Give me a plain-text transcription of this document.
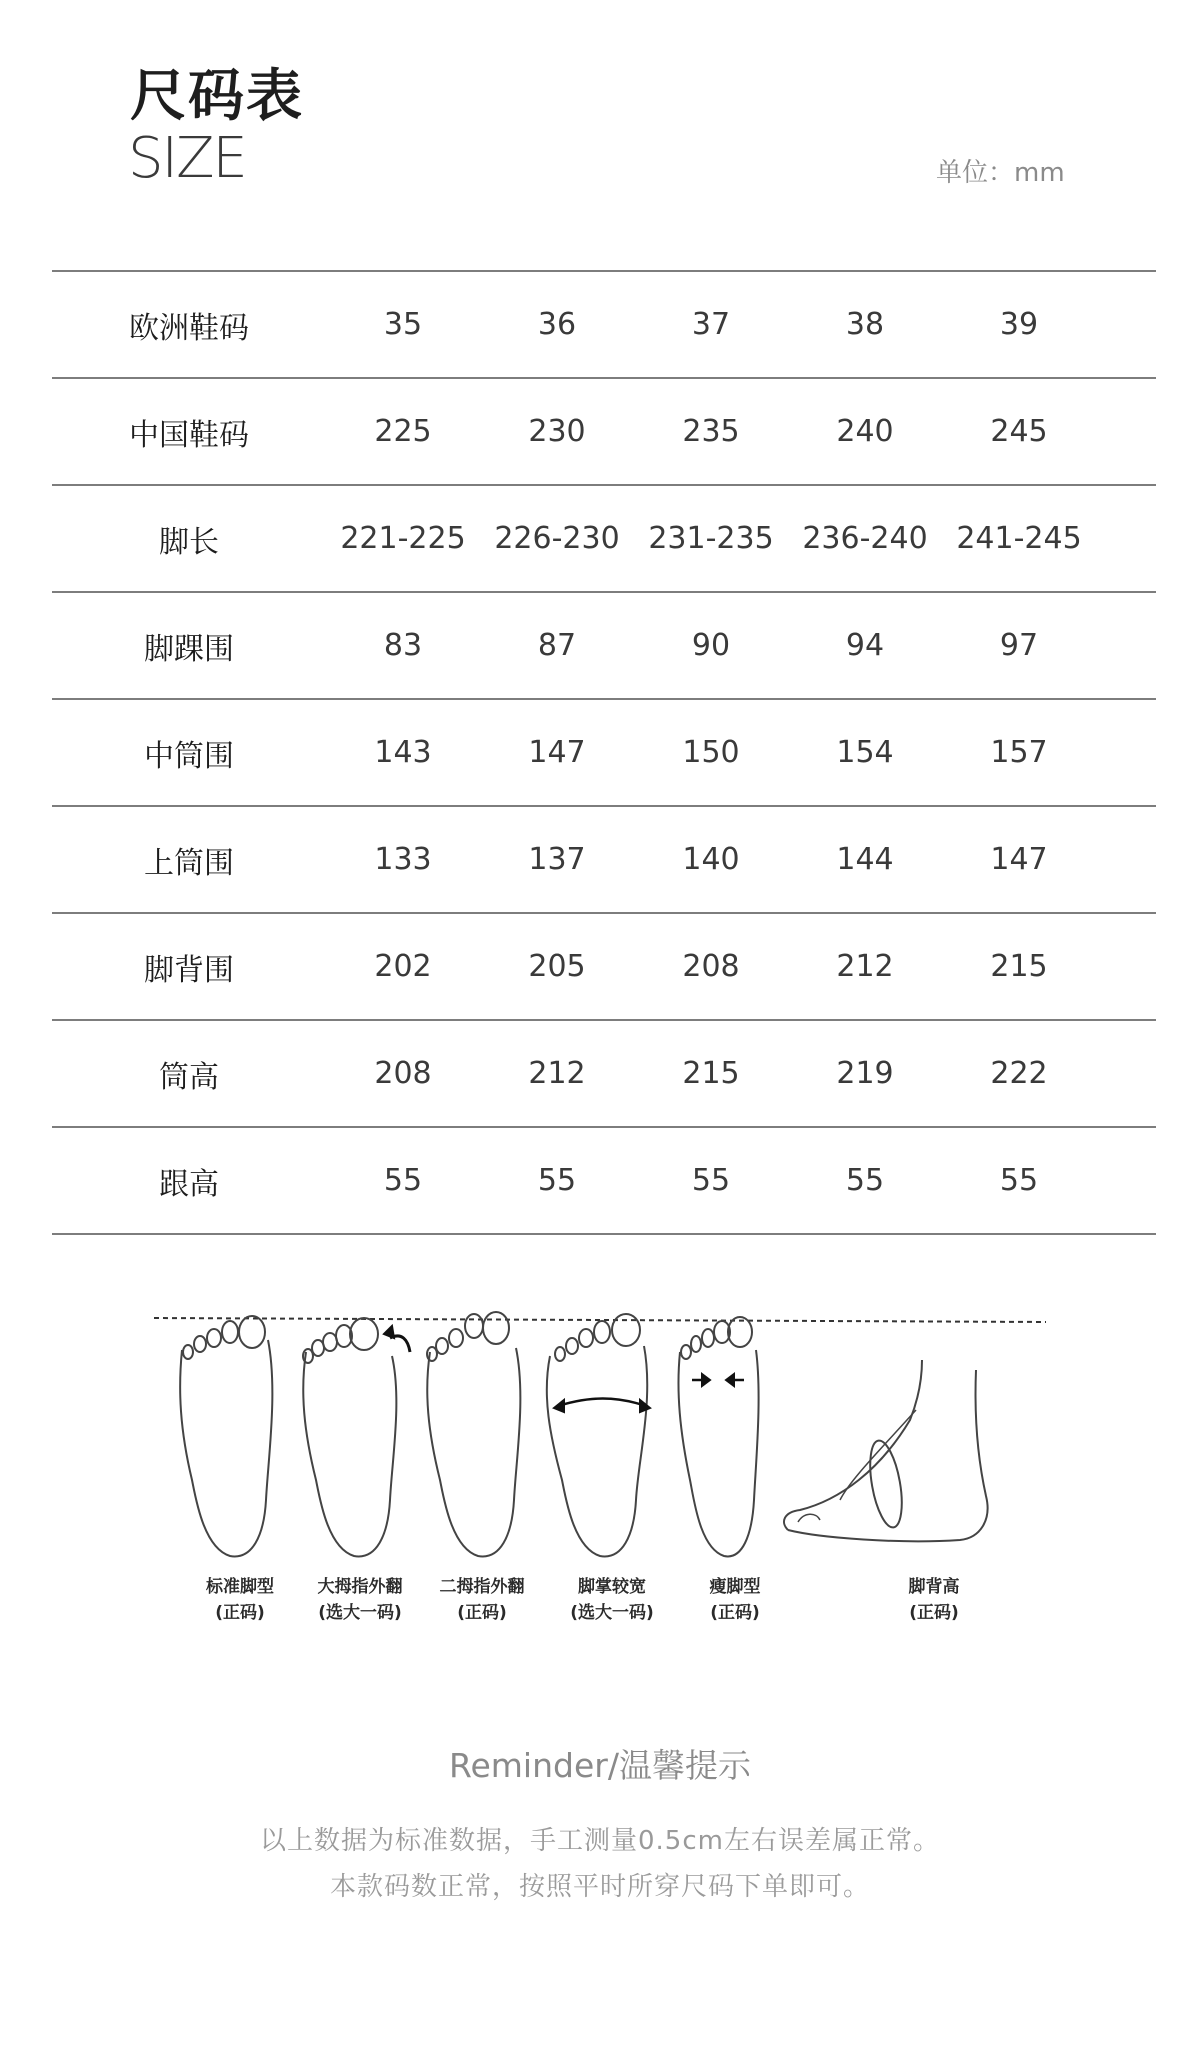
尺码表
SIZE	单位：mm
欧洲鞋码	35	36	37	38	39	
中国鞋码	225	230	235	240	245	
脚长	221-225	226-230	231-235	236-240	241-245	
脚踝围	83	87	90	94	97	
中筒围	143	147	150	154	157	
上筒围	133	137	140	144	147	
脚背围	202	205	208	212	215	
筒高	208	212	215	219	222	
跟高	55	55	55	55	55	
标准脚型
(正码)
大拇指外翻
(选大一码)
二拇指外翻
(正码)
脚掌较宽
(选大一码)
瘦脚型
(正码)
脚背高
(正码)
Reminder/温馨提示
以上数据为标准数据，手工测量0.5cm左右误差属正常。
本款码数正常，按照平时所穿尺码下单即可。
